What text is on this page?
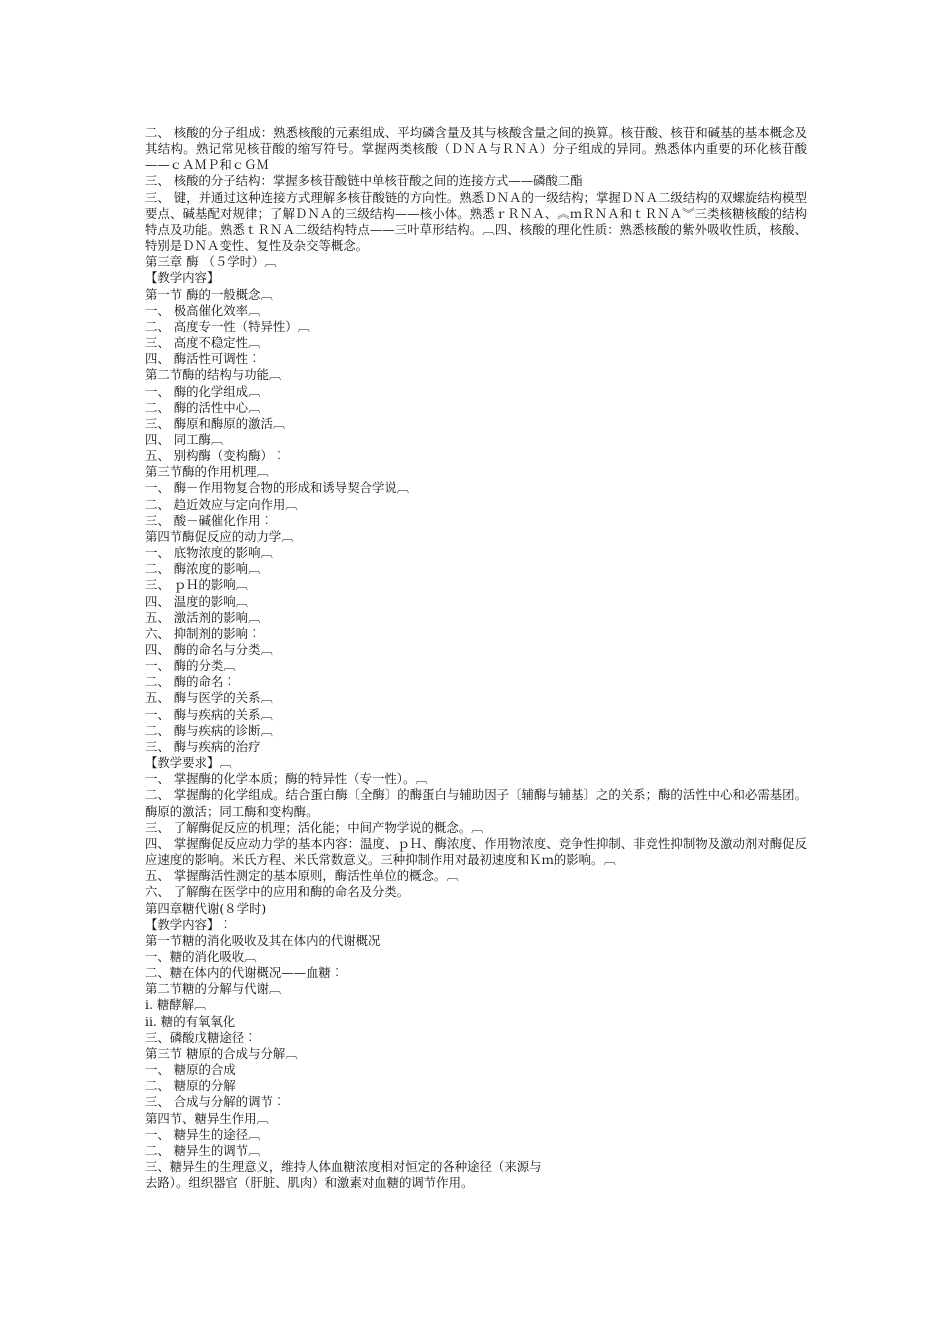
二、 核酸的分子组成：熟悉核酸的元素组成、平均磷含量及其与核酸含量之间的换算。核苷酸、核苷和碱基的基本概念及其结构。熟记常见核苷酸的缩写符号。掌握两类核酸（ＤＮＡ与ＲＮＡ）分子组成的异同。熟悉体内重要的环化核苷酸——ｃＡＭＰ和ｃＧＭ
三、 核酸的分子结构：掌握多核苷酸链中单核苷酸之间的连接方式——磷酸二酯
三、 键，并通过这种连接方式理解多核苷酸链的方向性。熟悉ＤＮＡ的一级结构；掌握ＤＮＡ二级结构的双螺旋结构模型要点、碱基配对规律；了解ＤＮＡ的三级结构——核小体。熟悉ｒＲＮＡ、︽ｍＲＮＡ和ｔＲＮＡ︾三类核糖核酸的结构特点及功能。熟悉ｔＲＮＡ二级结构特点——三叶草形结构。︹四、核酸的理化性质：熟悉核酸的紫外吸收性质，核酸、特别是ＤＮＡ变性、复性及杂交等概念。
第三章 酶 （５学时）︹
【教学内容】
第一节 酶的一般概念︹
一、 极高催化效率︹
二、 高度专一性（特异性）︹
三、 高度不稳定性︹
四、 酶活性可调性︰
第二节酶的结构与功能︹
一、 酶的化学组成︹
二、 酶的活性中心︹
三、 酶原和酶原的激活︹
四、 同工酶︹
五、 别构酶（变构酶）︰
第三节酶的作用机理︹
一、 酶－作用物复合物的形成和诱导契合学说︹
二、 趋近效应与定向作用︹
三、 酸－碱催化作用︰
第四节酶促反应的动力学︹
一、 底物浓度的影响︹
二、 酶浓度的影响︹
三、 ｐＨ的影响︹
四、 温度的影响︹
五、 激活剂的影响︹
六、 抑制剂的影响︰
四、 酶的命名与分类︹
一、 酶的分类︹
二、 酶的命名︰
五、 酶与医学的关系︹
一、 酶与疾病的关系︹
二、 酶与疾病的诊断︹
三、 酶与疾病的治疗
【教学要求】︹
一、 掌握酶的化学本质；酶的特异性（专一性）。︹
二、 掌握酶的化学组成。结合蛋白酶〔全酶〕的酶蛋白与辅助因子〔辅酶与辅基〕之的关系；酶的活性中心和必需基团。酶原的激活；同工酶和变构酶。
三、 了解酶促反应的机理；活化能；中间产物学说的概念。︹
四、 掌握酶促反应动力学的基本内容：温度、ｐＨ、酶浓度、作用物浓度、竞争性抑制、非竞性抑制物及激动剂对酶促反应速度的影响。米氏方程、米氏常数意义。三种抑制作用对最初速度和Ｋｍ的影响。︹
五、 掌握酶活性测定的基本原则，酶活性单位的概念。︹
六、 了解酶在医学中的应用和酶的命名及分类。
第四章糖代谢(８学时)
【教学内容】︰
第一节糖的消化吸收及其在体内的代谢概况
一、糖的消化吸收︹
二、糖在体内的代谢概况——血糖︰
第二节糖的分解与代谢︹
i. 糖酵解︹
ii. 糖的有氧氧化
三、磷酸戊糖途径︰
第三节 糖原的合成与分解︹
一、 糖原的合成
二、 糖原的分解
三、 合成与分解的调节︰
第四节、糖异生作用︹
一、 糖异生的途径︹
二、 糖异生的调节︹
三、糖异生的生理意义，维持人体血糖浓度相对恒定的各种途径（来源与
去路）。组织器官（肝脏、肌肉）和激素对血糖的调节作用。
